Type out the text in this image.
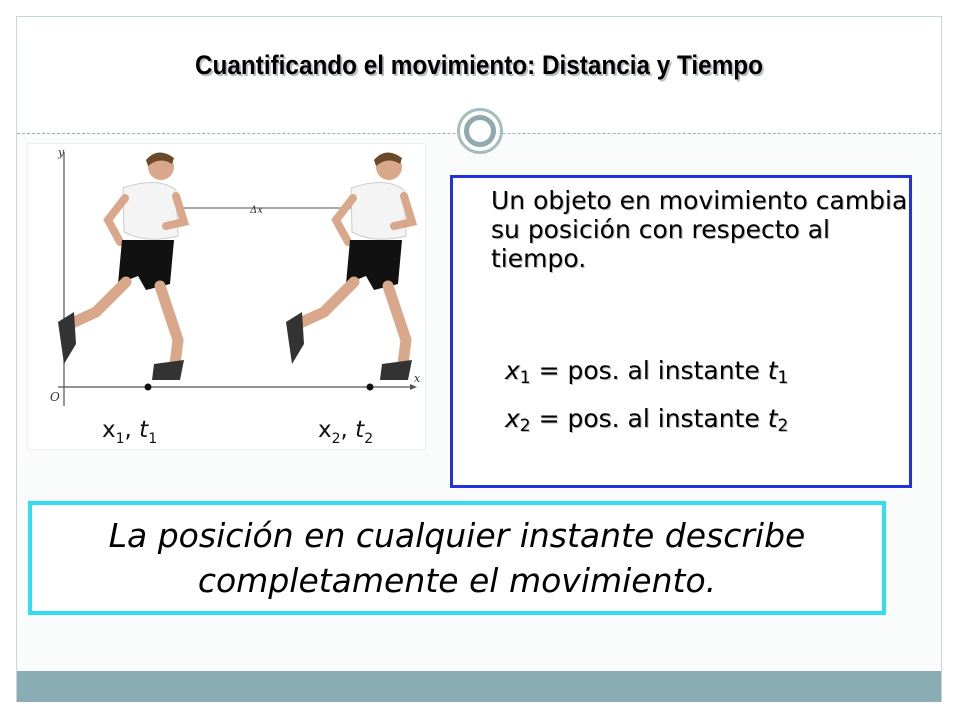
Cuantificando el movimiento: Distancia y Tiempo
y
x
O
Δx
$x_1$, $t_1$	$x_2$, $t_2$

Un objeto en movimiento cambia su posición con respecto al tiempo.

$x_1$ = pos. al instante $t_1$
$x_2$ = pos. al instante $t_2$

La posición en cualquier instante describe completamente el movimiento.
